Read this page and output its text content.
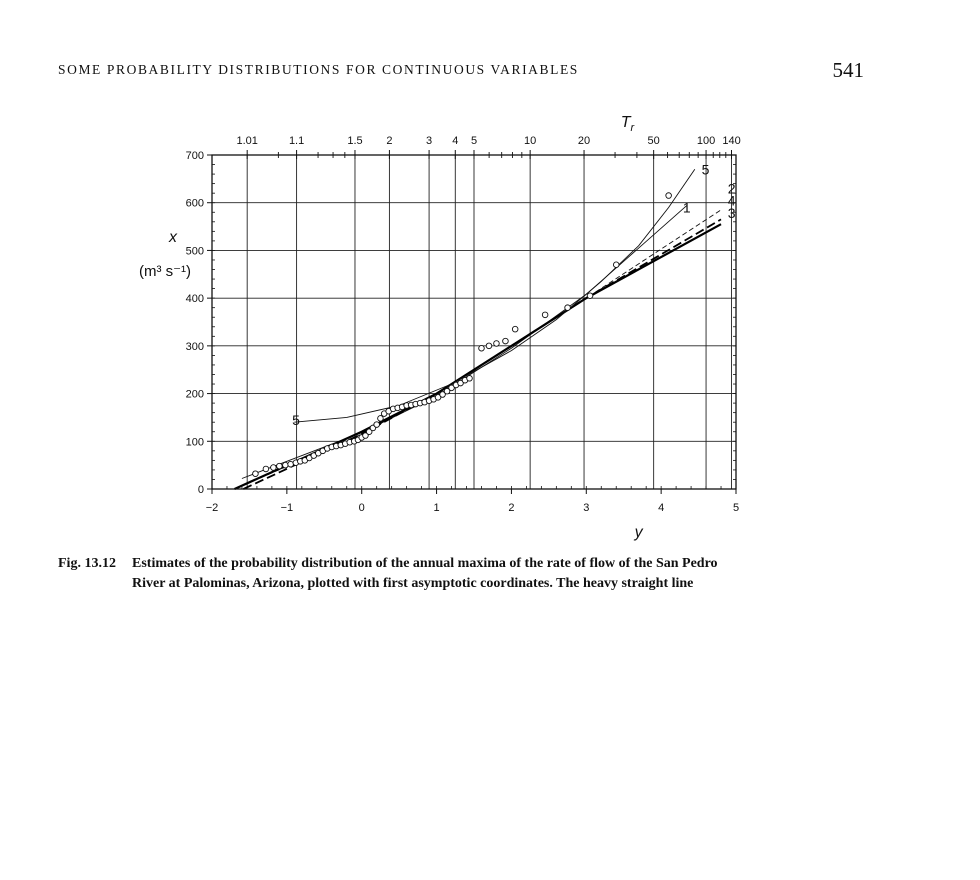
SOME PROBABILITY DISTRIBUTIONS FOR CONTINUOUS VARIABLES	541
−2	−1	0	1	2	3	4	5
0
100
200
300
400
500
600
700
1.01	1.1	1.5 2	3 4 5	10	20	50	100 140
y
x
(m³ s⁻¹)
$T_r$
5
1
2
4
3
5
Fig. 13.12 Estimates of the probability distribution of the annual maxima of the rate of flow of the San Pedro
River at Palominas, Arizona, plotted with first asymptotic coordinates. The heavy straight line
